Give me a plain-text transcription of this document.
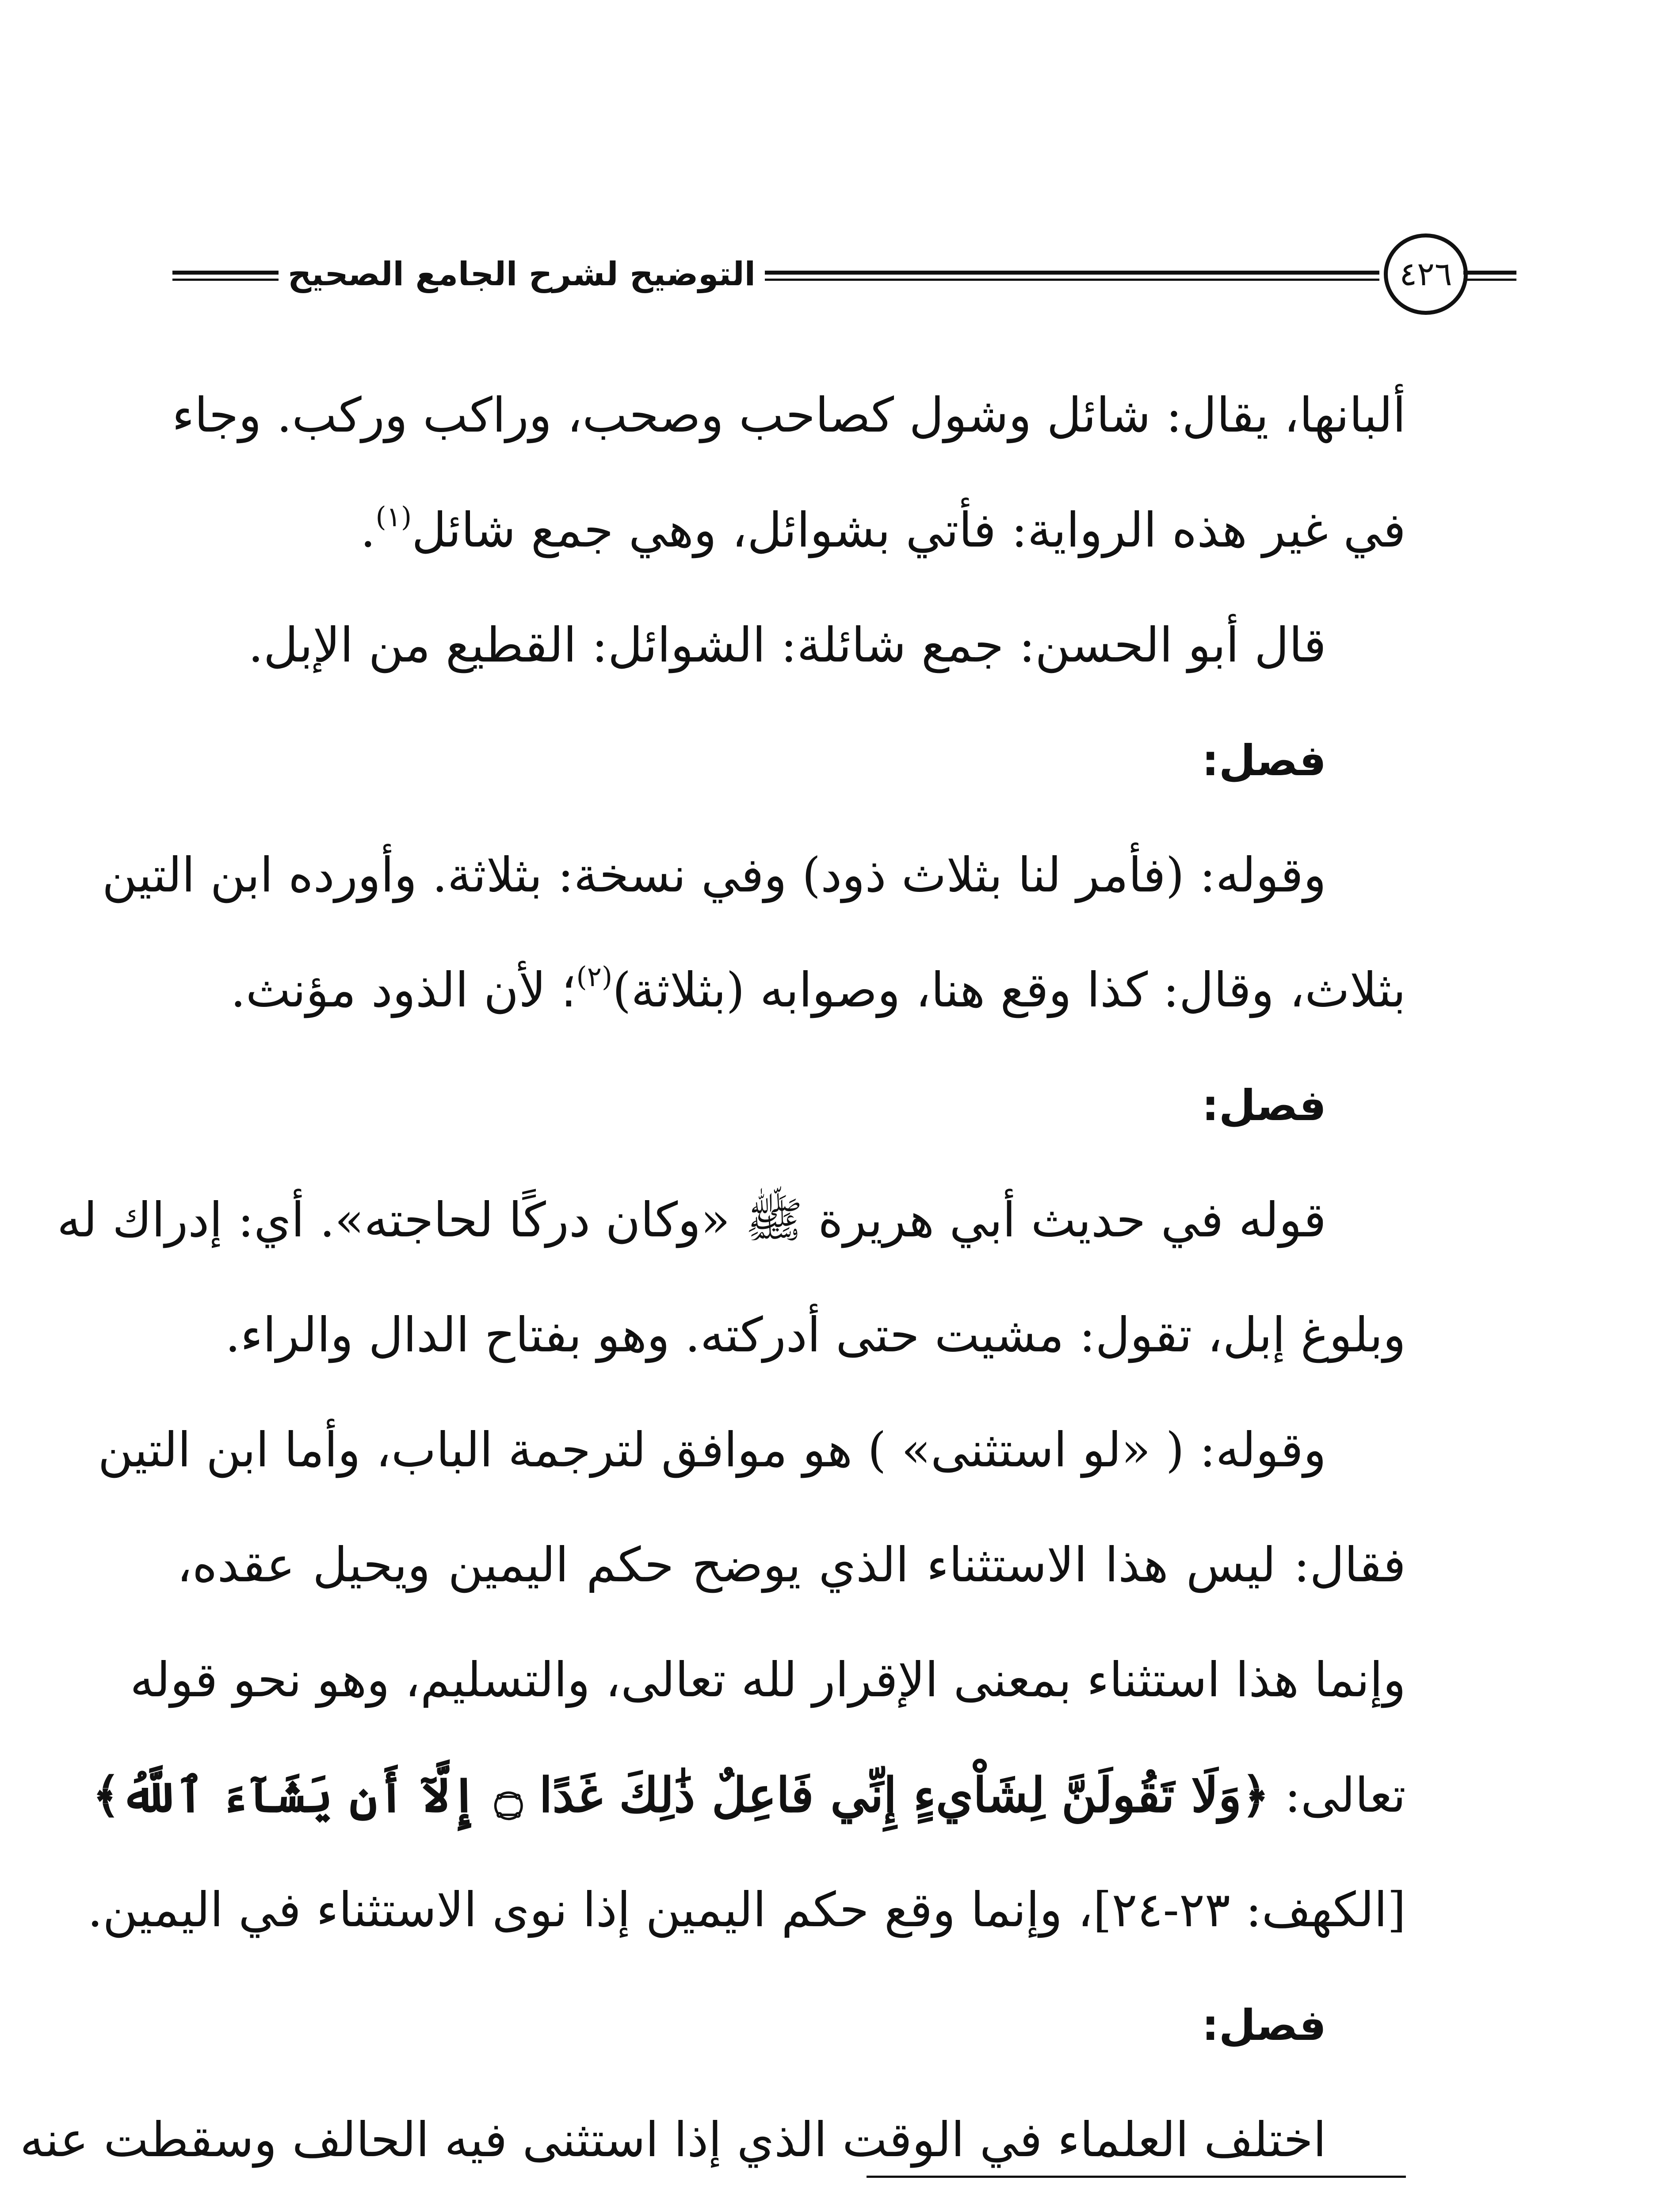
التوضيح لشرح الجامع الصحيح	٤٢٦
ألبانها، يقال: شائل وشول كصاحب وصحب، وراكب وركب. وجاء
في غير هذه الرواية: فأتي بشوائل، وهي جمع شائل$^{(١)}$.
قال أبو الحسن: جمع شائلة: الشوائل: القطيع من الإبل.
فصل:
وقوله: (فأمر لنا بثلاث ذود) وفي نسخة: بثلاثة. وأورده ابن التين
بثلاث، وقال: كذا وقع هنا، وصوابه (بثلاثة)$^{(٢)}$؛ لأن الذود مؤنث.
فصل:
قوله في حديث أبي هريرة ﷺ «وكان دركًا لحاجته». أي: إدراك له
وبلوغ إبل، تقول: مشيت حتى أدركته. وهو بفتاح الدال والراء.
وقوله: ( «لو استثنى» ) هو موافق لترجمة الباب، وأما ابن التين
فقال: ليس هذا الاستثناء الذي يوضح حكم اليمين ويحيل عقده،
وإنما هذا استثناء بمعنى الإقرار لله تعالى، والتسليم، وهو نحو قوله
تعالى: ﴿وَلَا تَقُولَنَّ لِشَاْيءٍ إِنِّي فَاعِلٌ ذَٰلِكَ غَدًا ۝ إِلَّآ أَن يَشَآءَ ٱللَّهُ﴾
[الكهف: ٢٣-٢٤]، وإنما وقع حكم اليمين إذا نوى الاستثناء في اليمين.
فصل:
اختلف العلماء في الوقت الذي إذا استثنى فيه الحالف وسقطت عنه
